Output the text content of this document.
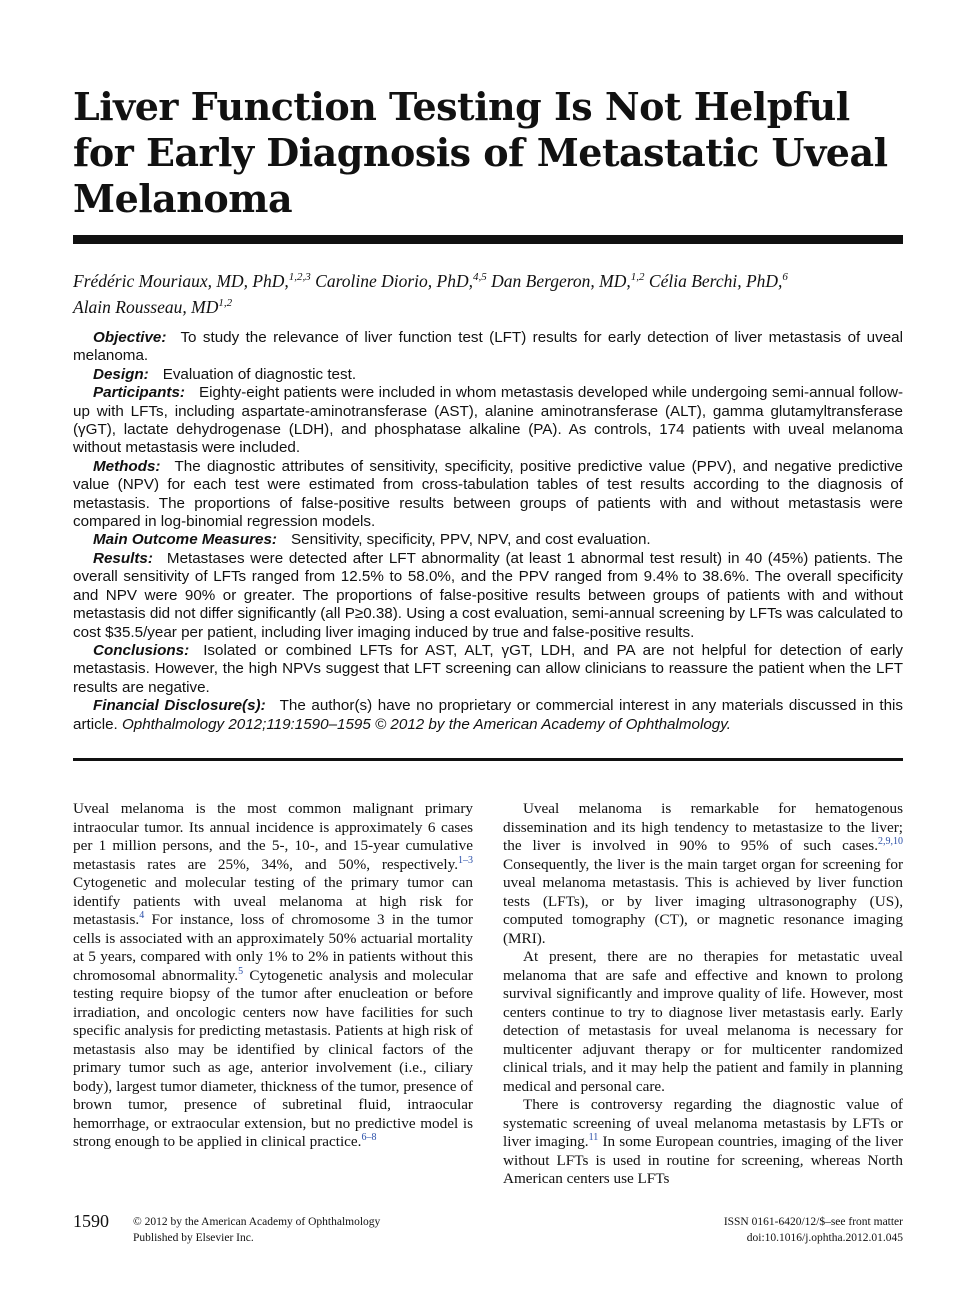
Liver Function Testing Is Not Helpful for Early Diagnosis of Metastatic Uveal Melanoma
Frédéric Mouriaux, MD, PhD,$^{1,2,3}$ Caroline Diorio, PhD,$^{4,5}$ Dan Bergeron, MD,$^{1,2}$ Célia Berchi, PhD,$^6$
Alain Rousseau, MD$^{1,2}$

Objective: To study the relevance of liver function test (LFT) results for early detection of liver metastasis of uveal melanoma.

Design: Evaluation of diagnostic test.

Participants: Eighty-eight patients were included in whom metastasis developed while undergoing semi-annual follow-up with LFTs, including aspartate-aminotransferase (AST), alanine aminotransferase (ALT), gamma glutamyltransferase (γGT), lactate dehydrogenase (LDH), and phosphatase alkaline (PA). As controls, 174 patients with uveal melanoma without metastasis were included.

Methods: The diagnostic attributes of sensitivity, specificity, positive predictive value (PPV), and negative predictive value (NPV) for each test were estimated from cross-tabulation tables of test results according to the diagnosis of metastasis. The proportions of false-positive results between groups of patients with and without metastasis were compared in log-binomial regression models.

Main Outcome Measures: Sensitivity, specificity, PPV, NPV, and cost evaluation.

Results: Metastases were detected after LFT abnormality (at least 1 abnormal test result) in 40 (45%) patients. The overall sensitivity of LFTs ranged from 12.5% to 58.0%, and the PPV ranged from 9.4% to 38.6%. The overall specificity and NPV were 90% or greater. The proportions of false-positive results between groups of patients with and without metastasis did not differ significantly (all P≥0.38). Using a cost evaluation, semi-annual screening by LFTs was calculated to cost $35.5/year per patient, including liver imaging induced by true and false-positive results.

Conclusions: Isolated or combined LFTs for AST, ALT, γGT, LDH, and PA are not helpful for detection of early metastasis. However, the high NPVs suggest that LFT screening can allow clinicians to reassure the patient when the LFT results are negative.

Financial Disclosure(s): The author(s) have no proprietary or commercial interest in any materials discussed in this article. Ophthalmology 2012;119:1590–1595 © 2012 by the American Academy of Ophthalmology.

Uveal melanoma is the most common malignant primary intraocular tumor. Its annual incidence is approximately 6 cases per 1 million persons, and the 5-, 10-, and 15-year cumulative metastasis rates are 25%, 34%, and 50%, respectively.$^{1-3}$ Cytogenetic and molecular testing of the primary tumor can identify patients with uveal melanoma at high risk for metastasis.$^4$ For instance, loss of chromosome 3 in the tumor cells is associated with an approximately 50% actuarial mortality at 5 years, compared with only 1% to 2% in patients without this chromosomal abnormality.$^5$ Cytogenetic analysis and molecular testing require biopsy of the tumor after enucleation or before irradiation, and oncologic centers now have facilities for such specific analysis for predicting metastasis. Patients at high risk of metastasis also may be identified by clinical factors of the primary tumor such as age, anterior involvement (i.e., ciliary body), largest tumor diameter, thickness of the tumor, presence of brown tumor, presence of subretinal fluid, intraocular hemorrhage, or extraocular extension, but no predictive model is strong enough to be applied in clinical practice.$^{6-8}$

Uveal melanoma is remarkable for hematogenous dissemination and its high tendency to metastasize to the liver; the liver is involved in 90% to 95% of such cases.$^{2,9,10}$ Consequently, the liver is the main target organ for screening for uveal melanoma metastasis. This is achieved by liver function tests (LFTs), or by liver imaging ultrasonography (US), computed tomography (CT), or magnetic resonance imaging (MRI).

At present, there are no therapies for metastatic uveal melanoma that are safe and effective and known to prolong survival significantly and improve quality of life. However, most centers continue to try to diagnose liver metastasis early. Early detection of metastasis for uveal melanoma is necessary for multicenter adjuvant therapy or for multicenter randomized clinical trials, and it may help the patient and family in planning medical and personal care.

There is controversy regarding the diagnostic value of systematic screening of uveal melanoma metastasis by LFTs or liver imaging.$^{11}$ In some European countries, imaging of the liver without LFTs is used in routine for screening, whereas North American centers use LFTs

1590 © 2012 by the American Academy of Ophthalmology
Published by Elsevier Inc.
ISSN 0161-6420/12/$–see front matter
doi:10.1016/j.ophtha.2012.01.045
